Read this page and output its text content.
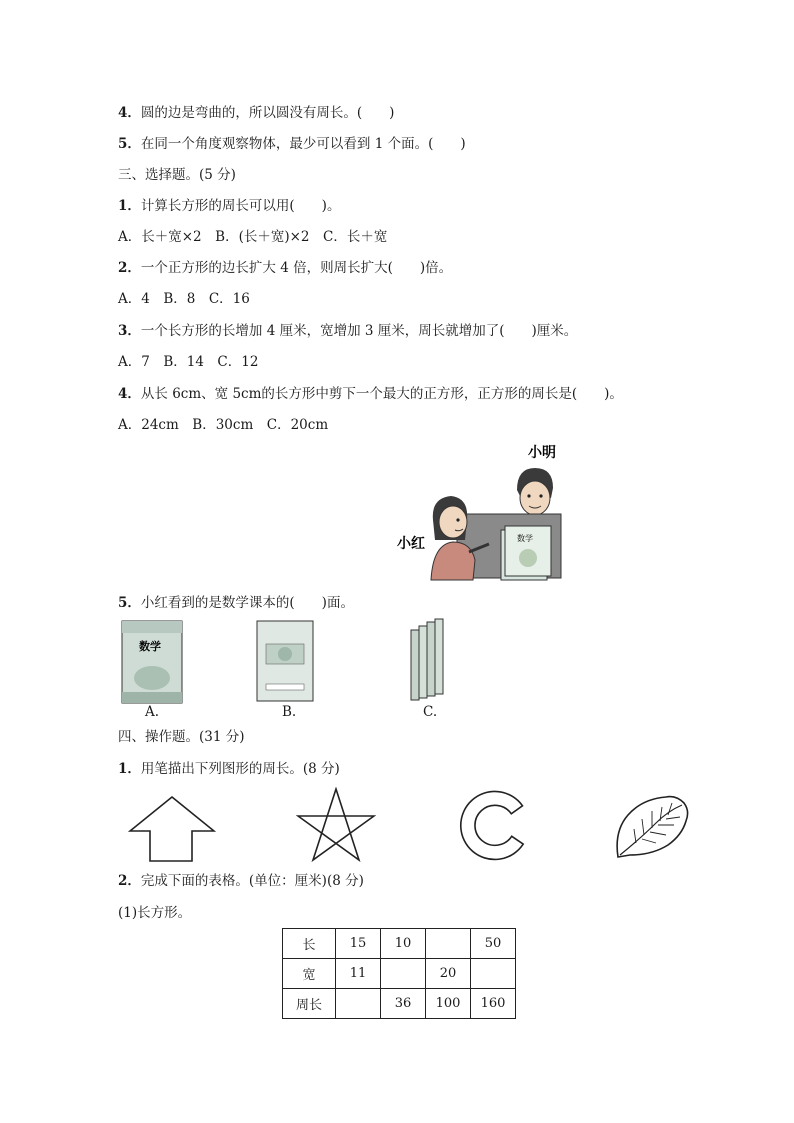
4．圆的边是弯曲的，所以圆没有周长。(　　)
5．在同一个角度观察物体，最少可以看到 1 个面。(　　)
三、选择题。(5 分)
1．计算长方形的周长可以用(　　)。
A．长＋宽×2　B．(长＋宽)×2　C．长＋宽
2．一个正方形的边长扩大 4 倍，则周长扩大(　　)倍。
A．4　B．8　C．16
3．一个长方形的长增加 4 厘米，宽增加 3 厘米，周长就增加了(　　)厘米。
A．7　B．14　C．12
4．从长 6cm、宽 5cm的长方形中剪下一个最大的正方形，正方形的周长是(　　)。
A．24cm　B．30cm　C．20cm
小明
小红	数学
5．小红看到的是数学课本的(　　)面。
数学
A.	B.	C.
四、操作题。(31 分)
1．用笔描出下列图形的周长。(8 分)
2．完成下面的表格。(单位：厘米)(8 分)
(1)长方形。
长	15	10		50
宽	11		20	
周长		36	100	160
